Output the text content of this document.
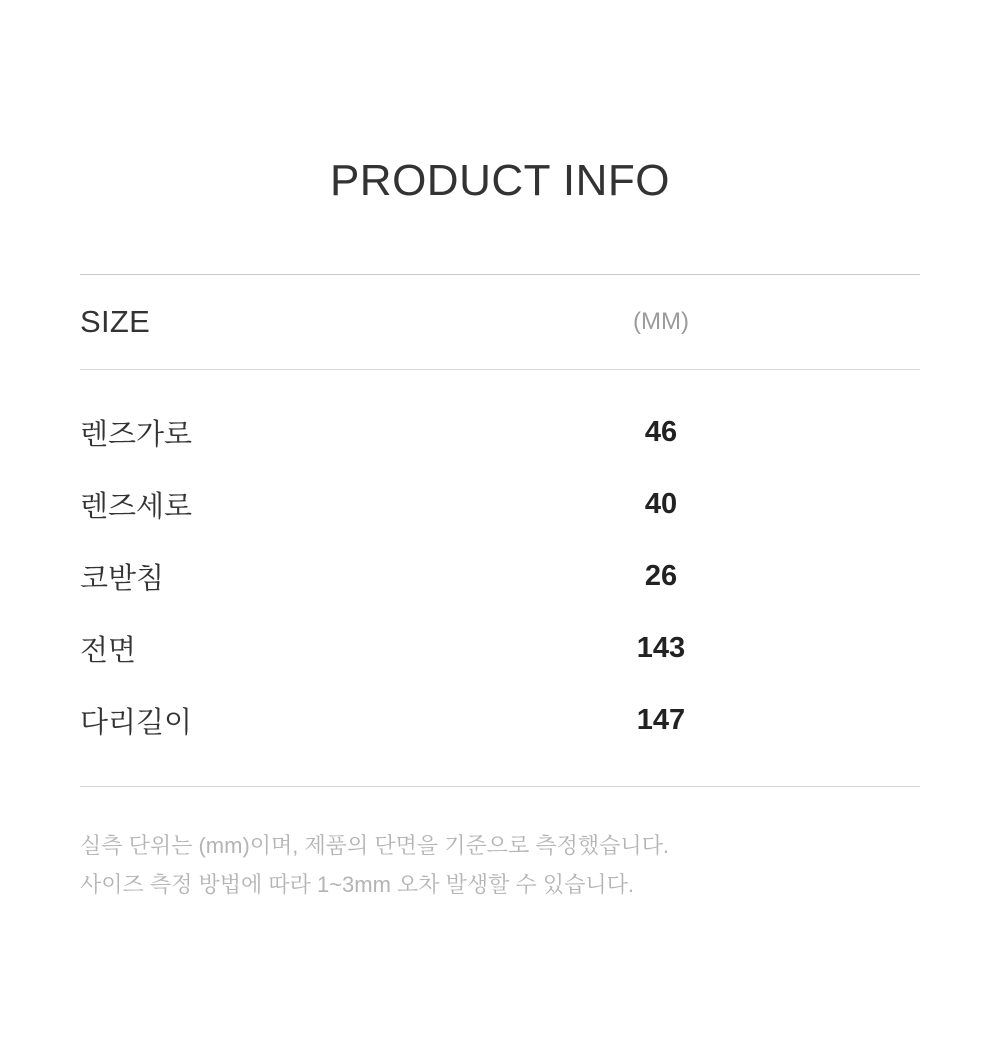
PRODUCT INFO
SIZE	(MM)
렌즈가로	46
렌즈세로	40
코받침	26
전면	143
다리길이	147
실측 단위는 (mm)이며, 제품의 단면을 기준으로 측정했습니다.
사이즈 측정 방법에 따라 1~3mm 오차 발생할 수 있습니다.
